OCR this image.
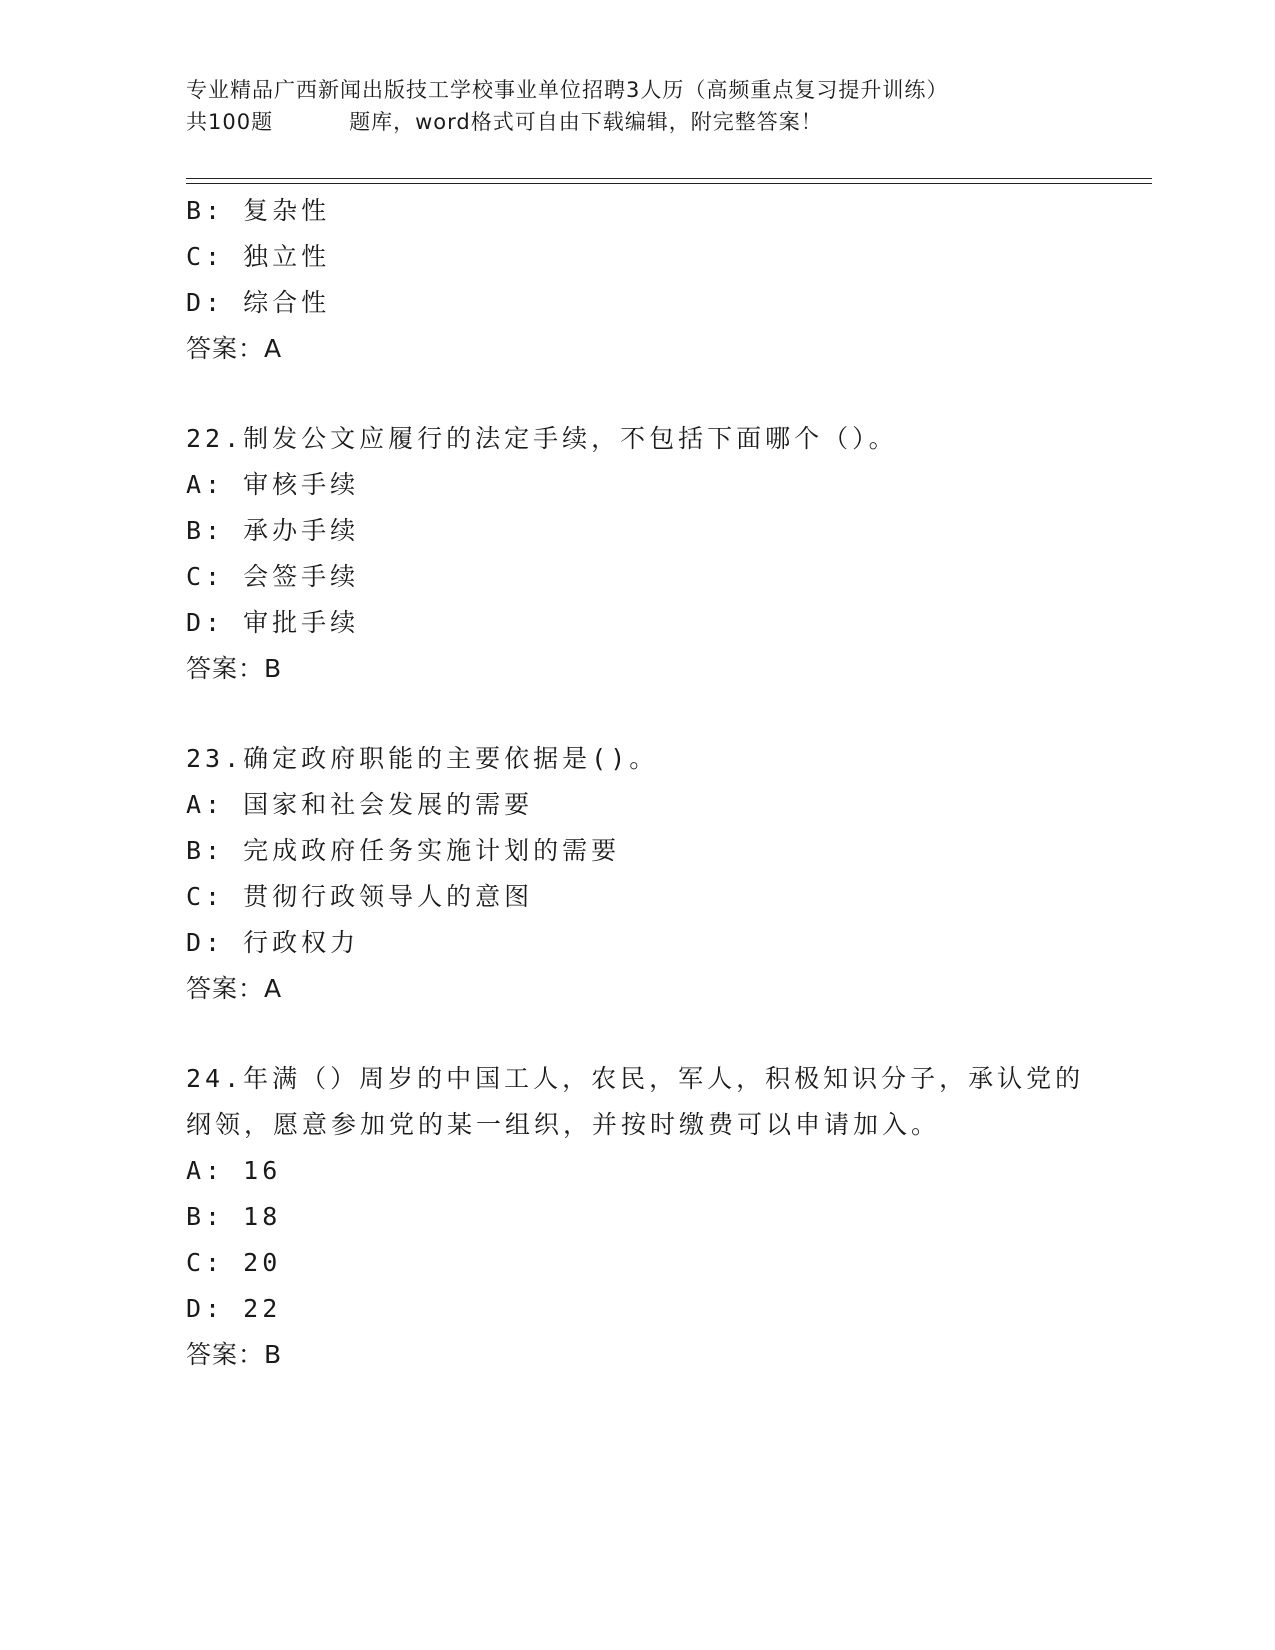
专业精品广西新闻出版技工学校事业单位招聘3人历（高频重点复习提升训练）
共100题	题库，word格式可自由下载编辑，附完整答案！
B: 复杂性
C: 独立性
D: 综合性
答案：A
22.制发公文应履行的法定手续，不包括下面哪个（）。
A: 审核手续
B: 承办手续
C: 会签手续
D: 审批手续
答案：B
23.确定政府职能的主要依据是()。
A: 国家和社会发展的需要
B: 完成政府任务实施计划的需要
C: 贯彻行政领导人的意图
D: 行政权力
答案：A
24.年满（）周岁的中国工人，农民，军人，积极知识分子，承认党的
纲领，愿意参加党的某一组织，并按时缴费可以申请加入。
A: 16
B: 18
C: 20
D: 22
答案：B
